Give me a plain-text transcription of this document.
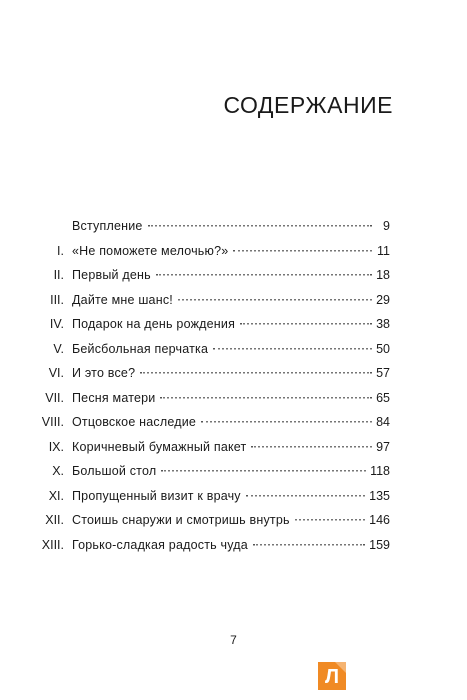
СОДЕРЖАНИЕ
Вступление	9
I. «Не поможете мелочью?»	11
II. Первый день	18
III. Дайте мне шанс!	29
IV. Подарок на день рождения	38
V. Бейсбольная перчатка	50
VI. И это все?	57
VII. Песня матери	65
VIII. Отцовское наследие	84
IX. Коричневый бумажный пакет	97
X. Большой стол	118
XI. Пропущенный визит к врачу	135
XII. Стоишь снаружи и смотришь внутрь	146
XIII. Горько-сладкая радость чуда	159
7
Л
